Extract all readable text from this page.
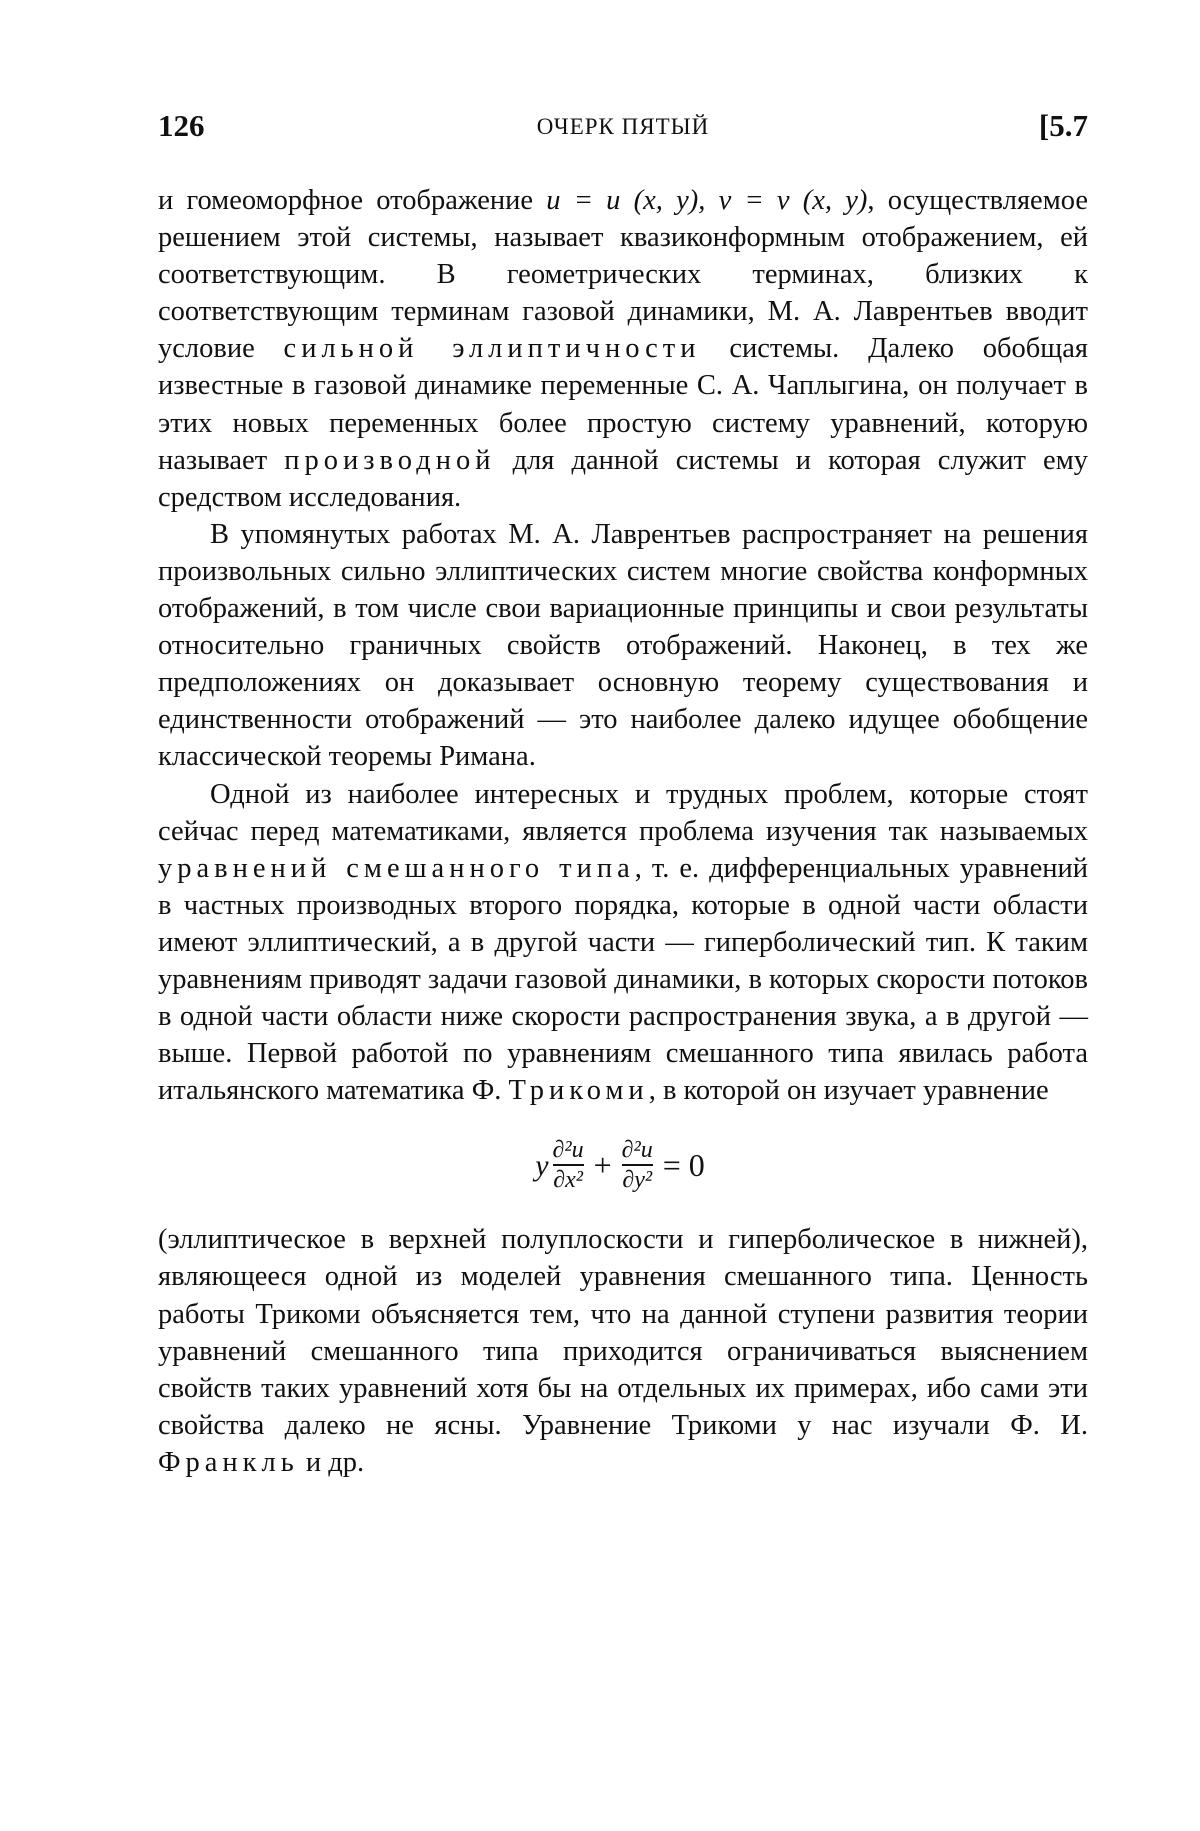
126	ОЧЕРК ПЯТЫЙ	[5.7

и гомеоморфное отображение u = u (x, y), v = v (x, y), осуществляемое решением этой системы, называет квазиконформным отображением, ей соответствующим. В геометрических терминах, близких к соответствующим терминам газовой динамики, М. А. Лаврентьев вводит условие сильной эллиптичности системы. Далеко обобщая известные в газовой динамике переменные С. А. Чаплыгина, он получает в этих новых переменных более простую систему уравнений, которую называет производной для данной системы и которая служит ему средством исследования.

В упомянутых работах М. А. Лаврентьев распространяет на решения произвольных сильно эллиптических систем многие свойства конформных отображений, в том числе свои вариационные принципы и свои результаты относительно граничных свойств отображений. Наконец, в тех же предположениях он доказывает основную теорему существования и единственности отображений — это наиболее далеко идущее обобщение классической теоремы Римана.

Одной из наиболее интересных и трудных проблем, которые стоят сейчас перед математиками, является проблема изучения так называемых уравнений смешанного типа, т. е. дифференциальных уравнений в частных производных второго порядка, которые в одной части области имеют эллиптический, а в другой части — гиперболический тип. К таким уравнениям приводят задачи газовой динамики, в которых скорости потоков в одной части области ниже скорости распространения звука, а в другой — выше. Первой работой по уравнениям смешанного типа явилась работа итальянского математика Ф. Трикоми, в которой он изучает уравнение

y $\frac{\text{∂²u}}{\text{∂x²}} + \frac{\text{∂²u}}{\text{∂y²}} = 0$

(эллиптическое в верхней полуплоскости и гиперболическое в нижней), являющееся одной из моделей уравнения смешанного типа. Ценность работы Трикоми объясняется тем, что на данной ступени развития теории уравнений смешанного типа приходится ограничиваться выяснением свойств таких уравнений хотя бы на отдельных их примерах, ибо сами эти свойства далеко не ясны. Уравнение Трикоми у нас изучали Ф. И. Франкль и др.
